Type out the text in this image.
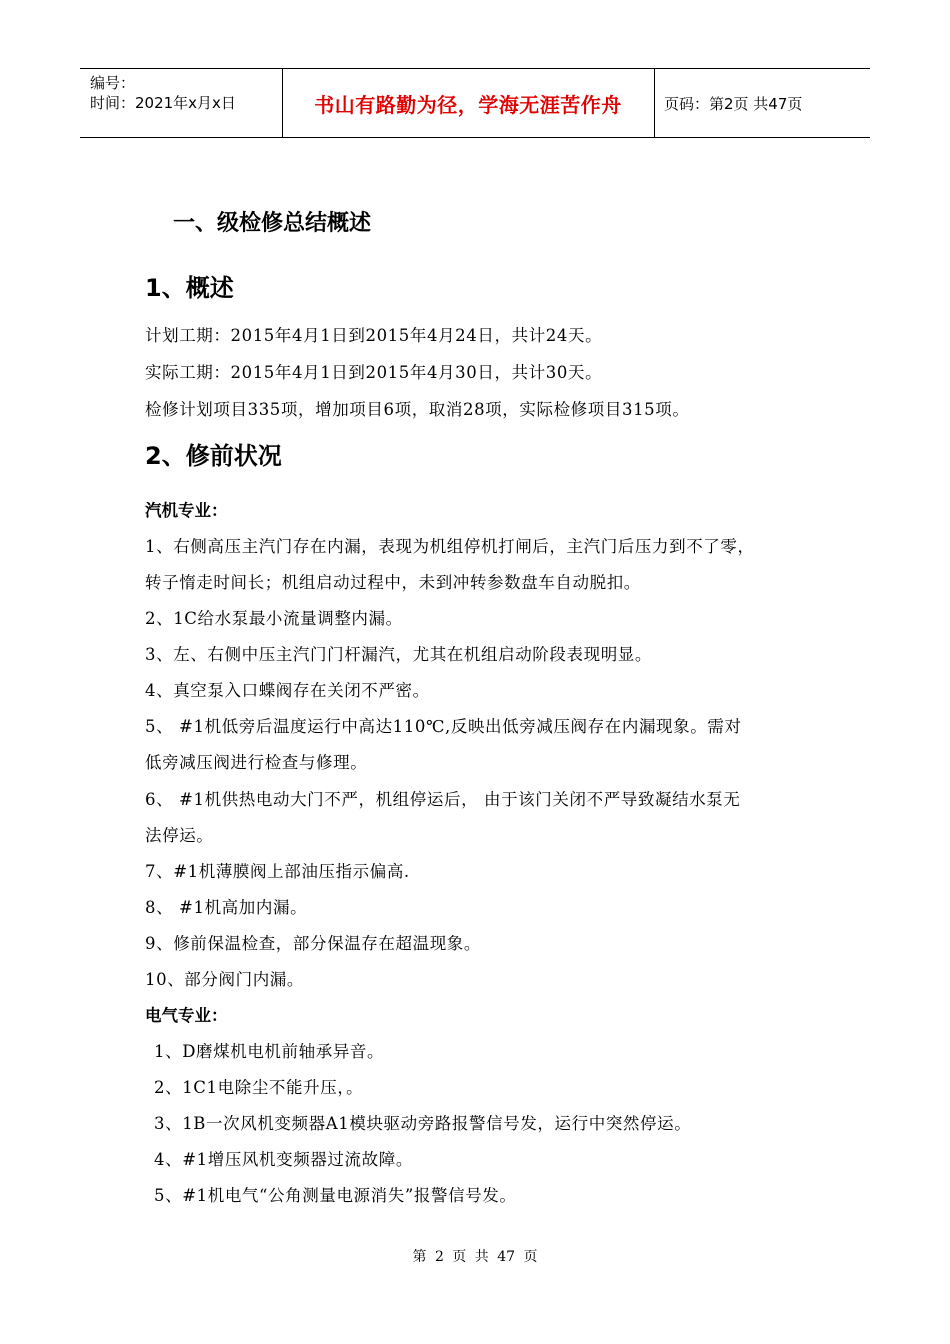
编号：
时间：2021年x月x日	书山有路勤为径，学海无涯苦作舟	页码：第2页 共47页
一、级检修总结概述
1、概述
计划工期：2015年4月1日到2015年4月24日，共计24天。
实际工期：2015年4月1日到2015年4月30日，共计30天。
检修计划项目335项，增加项目6项，取消28项，实际检修项目315项。
2、修前状况
汽机专业：
1、右侧高压主汽门存在内漏，表现为机组停机打闸后，主汽门后压力到不了零，
转子惰走时间长；机组启动过程中，未到冲转参数盘车自动脱扣。
2、1C给水泵最小流量调整内漏。
3、左、右侧中压主汽门门杆漏汽，尤其在机组启动阶段表现明显。
4、真空泵入口蝶阀存在关闭不严密。
5、 #1机低旁后温度运行中高达110℃,反映出低旁减压阀存在内漏现象。需对
低旁减压阀进行检查与修理。
6、 #1机供热电动大门不严，机组停运后， 由于该门关闭不严导致凝结水泵无
法停运。
7、#1机薄膜阀上部油压指示偏高.
8、 #1机高加内漏。
9、修前保温检查，部分保温存在超温现象。
10、部分阀门内漏。
电气专业：
1、D磨煤机电机前轴承异音。
2、1C1电除尘不能升压，。
3、1B一次风机变频器A1模块驱动旁路报警信号发，运行中突然停运。
4、#1增压风机变频器过流故障。
5、#1机电气“公角测量电源消失”报警信号发。
第 2 页 共 47 页
